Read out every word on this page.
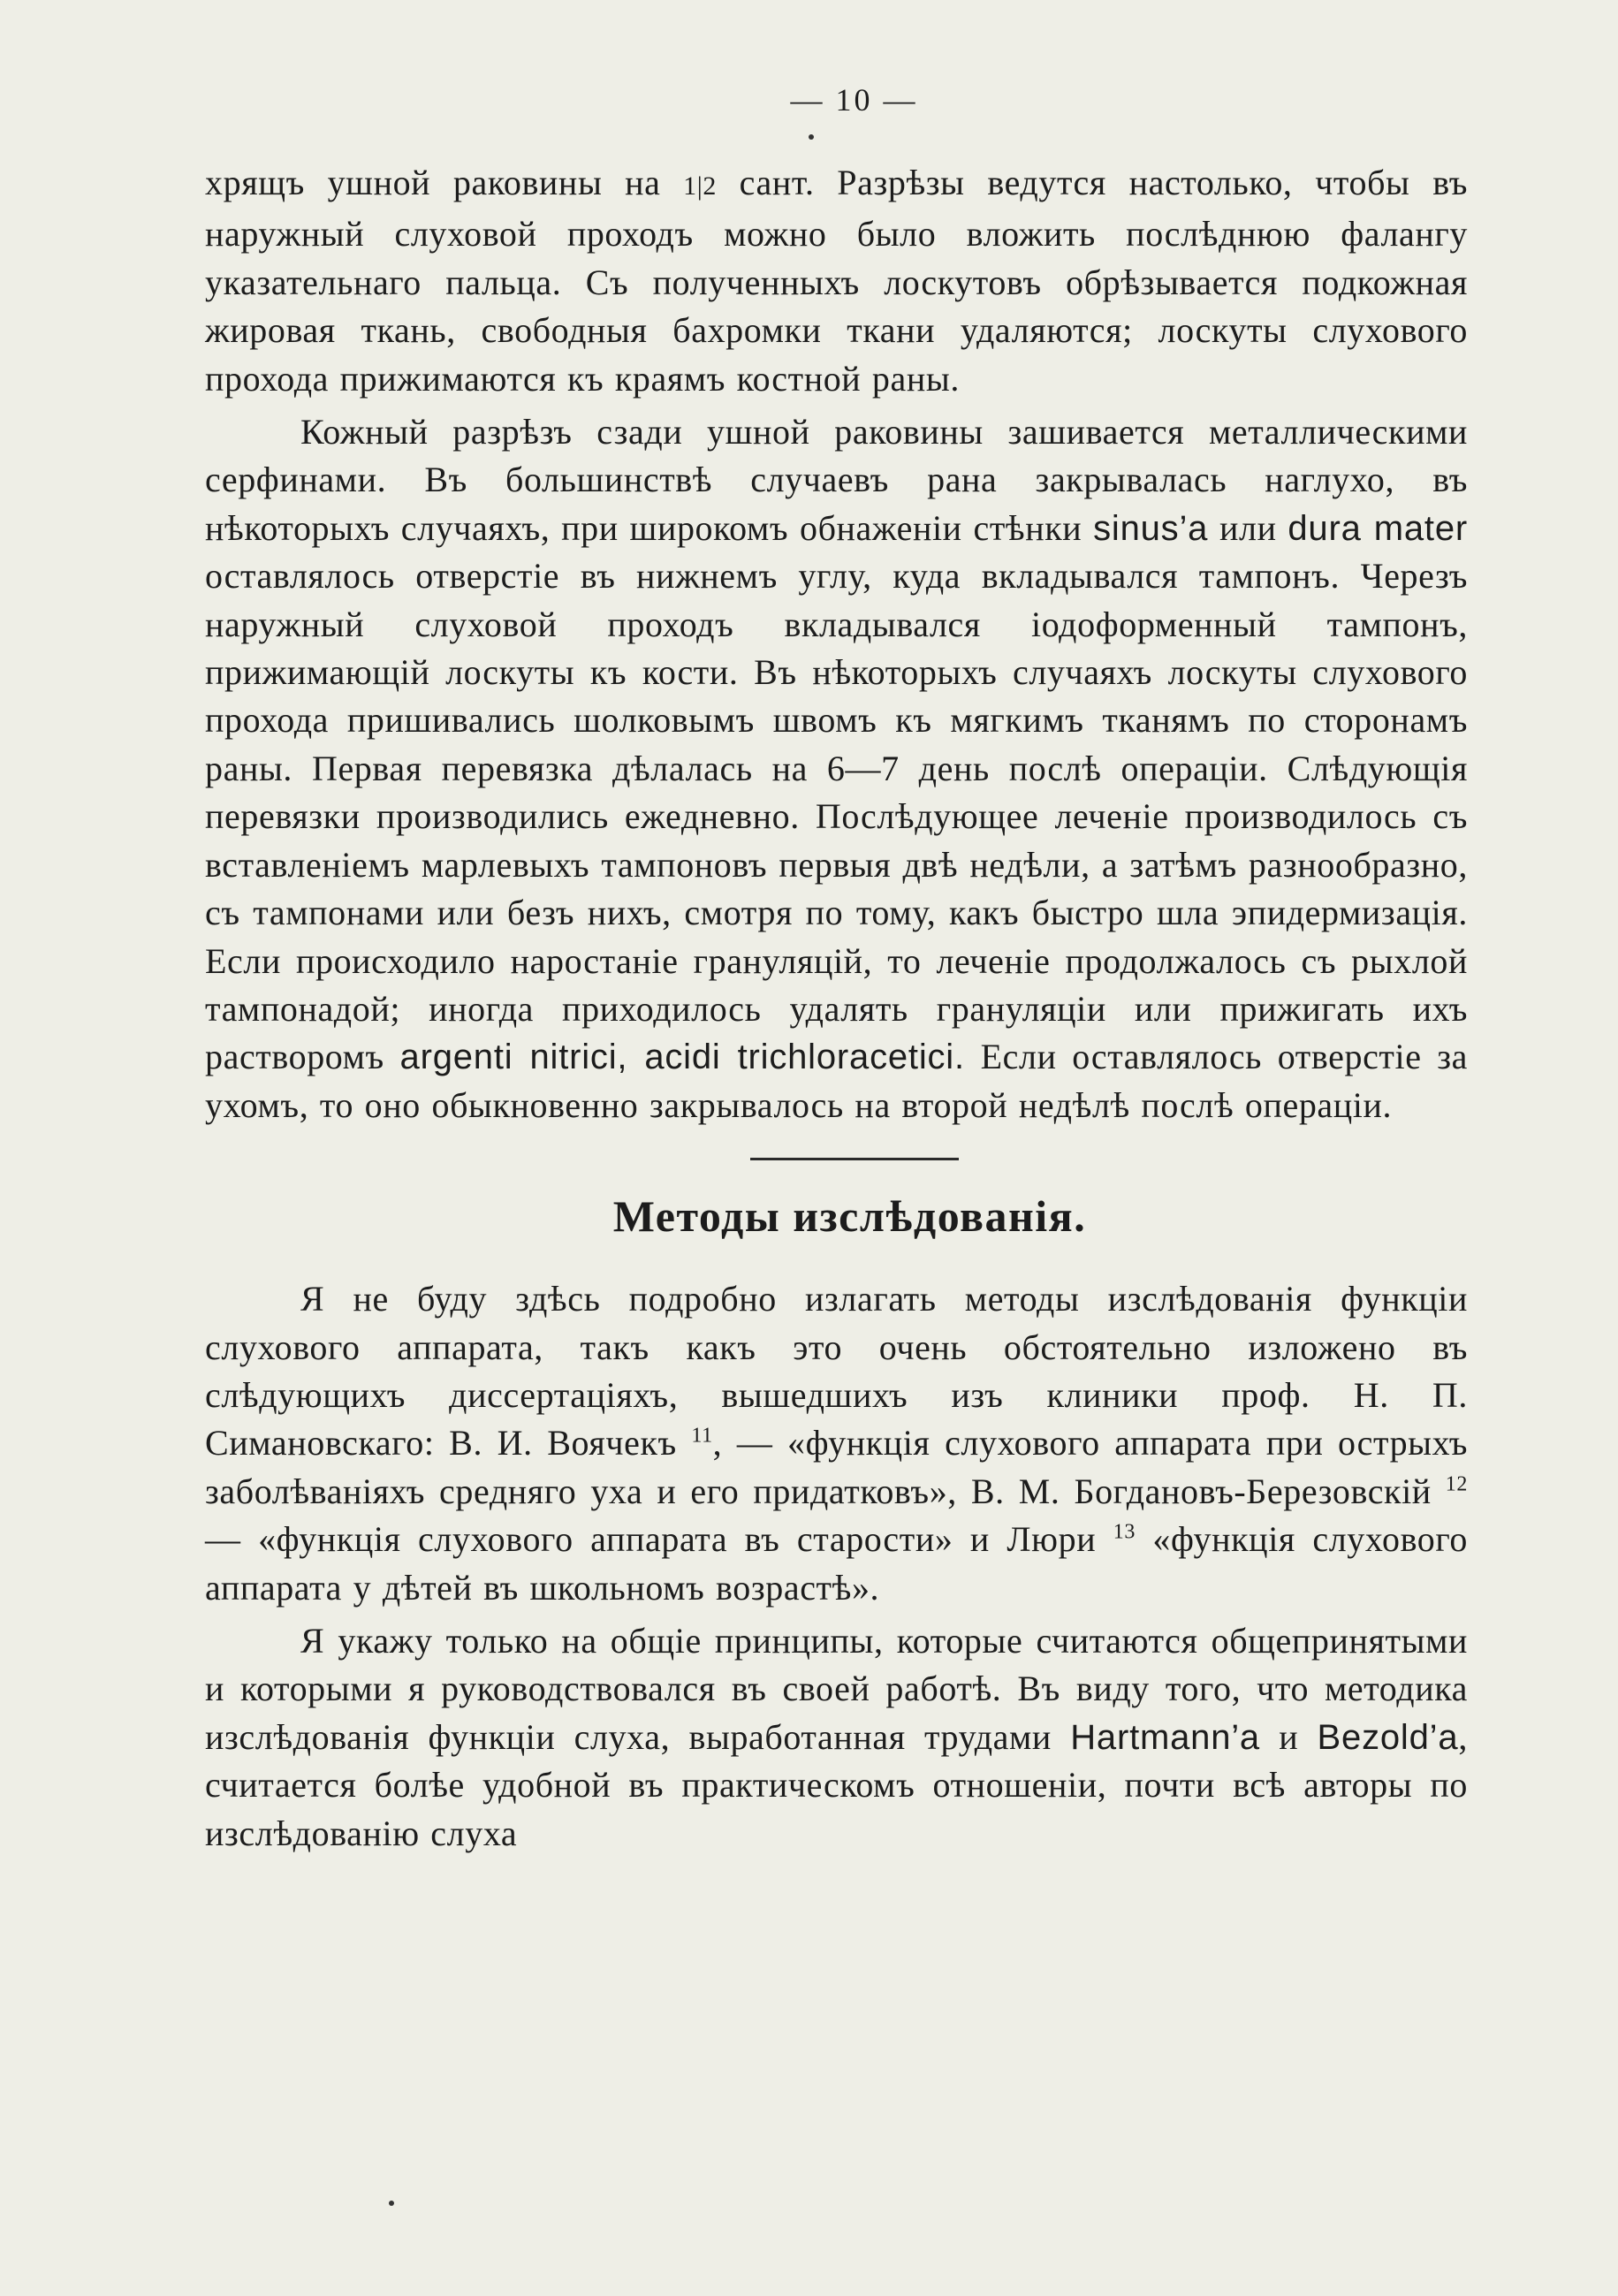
— 10 —

хрящъ ушной раковины на 1|2 сант. Разрѣзы ведутся настолько, чтобы въ наружный слуховой проходъ можно было вложить послѣднюю фалангу указательнаго пальца. Съ полученныхъ лоскутовъ обрѣзывается подкожная жировая ткань, свободныя бахромки ткани удаляются; лоскуты слухового прохода прижимаются къ краямъ костной раны.

Кожный разрѣзъ сзади ушной раковины зашивается металлическими серфинами. Въ большинствѣ случаевъ рана закрывалась наглухо, въ нѣкоторыхъ случаяхъ, при широкомъ обнаженіи стѣнки sinus’a или dura mater оставлялось отверстіе въ нижнемъ углу, куда вкладывался тампонъ. Черезъ наружный слуховой проходъ вкладывался іодоформенный тампонъ, прижимающій лоскуты къ кости. Въ нѣкоторыхъ случаяхъ лоскуты слухового прохода пришивались шолковымъ швомъ къ мягкимъ тканямъ по сторонамъ раны. Первая перевязка дѣлалась на 6—7 день послѣ операціи. Слѣдующія перевязки производились ежедневно. Послѣдующее леченіе производилось съ вставленіемъ марлевыхъ тампоновъ первыя двѣ недѣли, а затѣмъ разнообразно, съ тампонами или безъ нихъ, смотря по тому, какъ быстро шла эпидермизація. Если происходило наростаніе грануляцій, то леченіе продолжалось съ рыхлой тампонадой; иногда приходилось удалять грануляціи или прижигать ихъ растворомъ argenti nitrici, acidi trichloracetici. Если оставлялось отверстіе за ухомъ, то оно обыкновенно закрывалось на второй недѣлѣ послѣ операціи.

Методы изслѣдованія.

Я не буду здѣсь подробно излагать методы изслѣдованія функціи слухового аппарата, такъ какъ это очень обстоятельно изложено въ слѣдующихъ диссертаціяхъ, вышедшихъ изъ клиники проф. Н. П. Симановскаго: В. И. Воячекъ $^{11}$, — «функція слухового аппарата при острыхъ заболѣваніяхъ средняго уха и его придатковъ», В. М. Богдановъ-Березовскій $^{12}$ — «функція слухового аппарата въ старости» и Люри $^{13}$ «функція слухового аппарата у дѣтей въ школьномъ возрастѣ».

Я укажу только на общіе принципы, которые считаются общепринятыми и которыми я руководствовался въ своей работѣ. Въ виду того, что методика изслѣдованія функціи слуха, выработанная трудами Hartmann’a и Bezold’a, считается болѣе удобной въ практическомъ отношеніи, почти всѣ авторы по изслѣдованію слуха
